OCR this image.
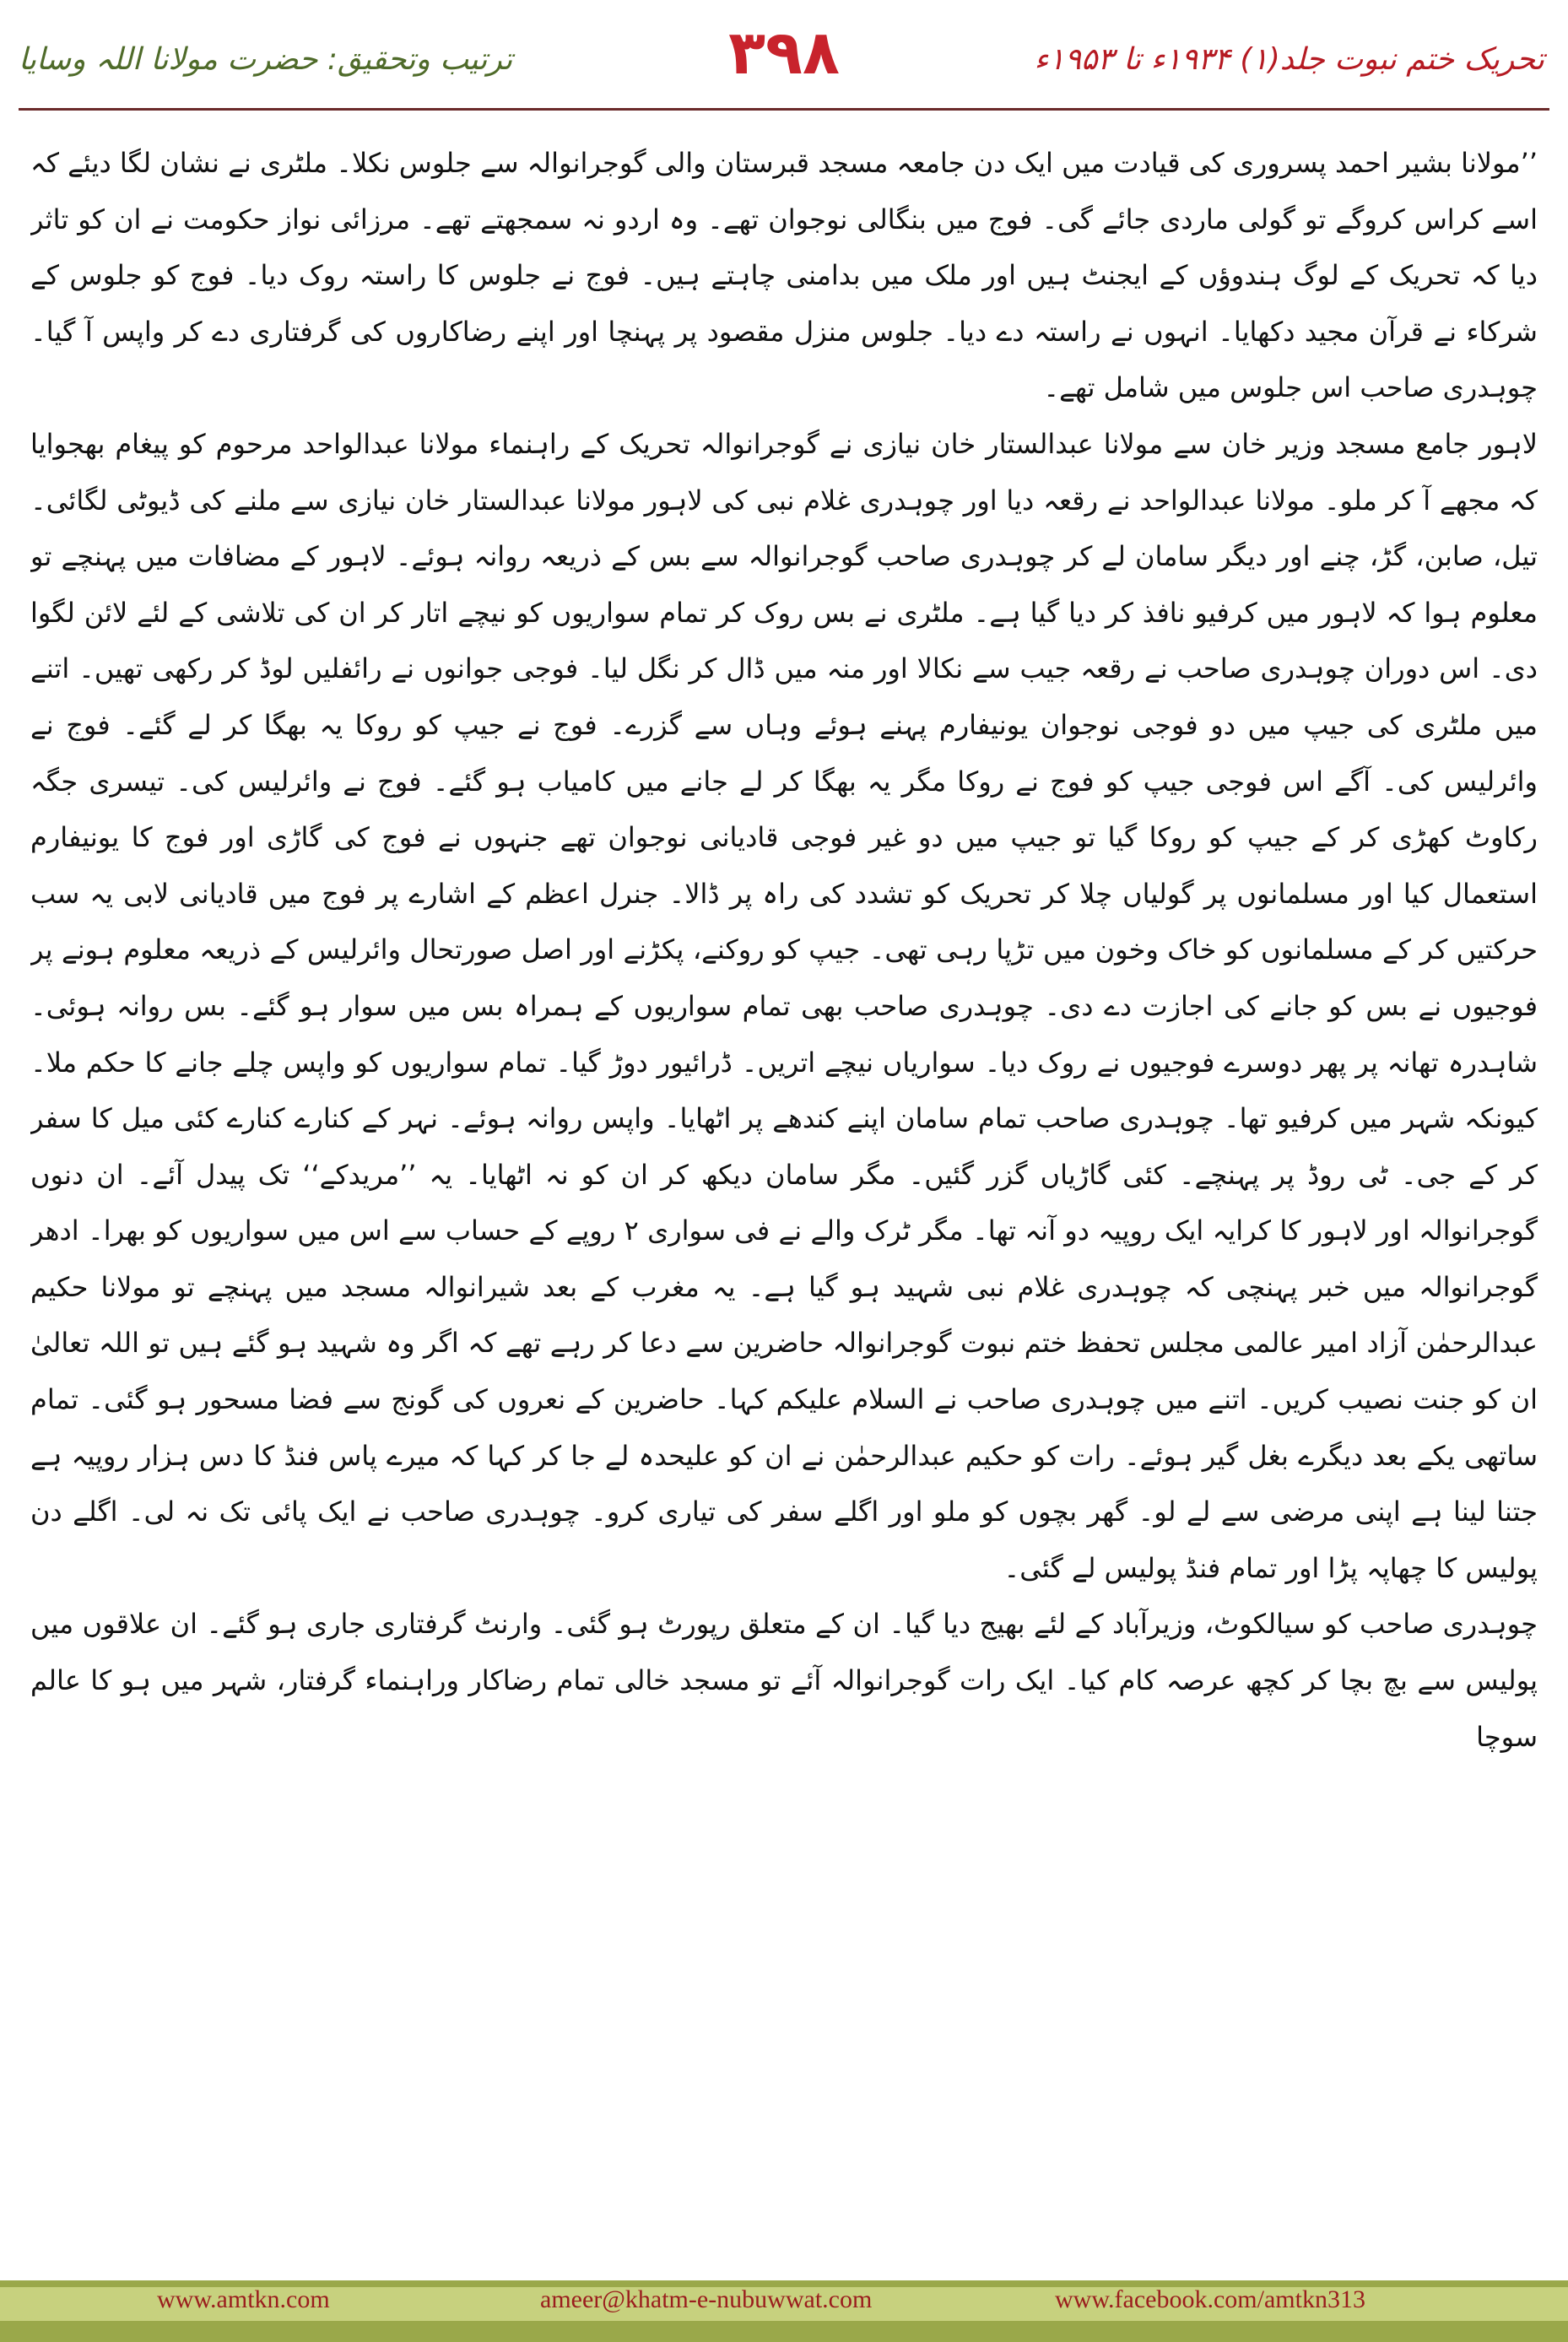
ترتیب وتحقیق: حضرت مولانا اللہ وسایا	۳۹۸	تحریک ختم نبوت جلد(۱) ۱۹۳۴ء تا ۱۹۵۳ء

’’مولانا بشیر احمد پسروری کی قیادت میں ایک دن جامعہ مسجد قبرستان والی گوجرانوالہ سے جلوس نکلا۔ ملٹری نے نشان لگا دیئے کہ اسے کراس کروگے تو گولی ماردی جائے گی۔ فوج میں بنگالی نوجوان تھے۔ وہ اردو نہ سمجھتے تھے۔ مرزائی نواز حکومت نے ان کو تاثر دیا کہ تحریک کے لوگ ہندوؤں کے ایجنٹ ہیں اور ملک میں بدامنی چاہتے ہیں۔ فوج نے جلوس کا راستہ روک دیا۔ فوج کو جلوس کے شرکاء نے قرآن مجید دکھایا۔ انہوں نے راستہ دے دیا۔ جلوس منزل مقصود پر پہنچا اور اپنے رضاکاروں کی گرفتاری دے کر واپس آ گیا۔ چوہدری صاحب اس جلوس میں شامل تھے۔

لاہور جامع مسجد وزیر خان سے مولانا عبدالستار خان نیازی نے گوجرانوالہ تحریک کے راہنماء مولانا عبدالواحد مرحوم کو پیغام بھجوایا کہ مجھے آ کر ملو۔ مولانا عبدالواحد نے رقعہ دیا اور چوہدری غلام نبی کی لاہور مولانا عبدالستار خان نیازی سے ملنے کی ڈیوٹی لگائی۔ تیل، صابن، گڑ، چنے اور دیگر سامان لے کر چوہدری صاحب گوجرانوالہ سے بس کے ذریعہ روانہ ہوئے۔ لاہور کے مضافات میں پہنچے تو معلوم ہوا کہ لاہور میں کرفیو نافذ کر دیا گیا ہے۔ ملٹری نے بس روک کر تمام سواریوں کو نیچے اتار کر ان کی تلاشی کے لئے لائن لگوا دی۔ اس دوران چوہدری صاحب نے رقعہ جیب سے نکالا اور منہ میں ڈال کر نگل لیا۔ فوجی جوانوں نے رائفلیں لوڈ کر رکھی تھیں۔ اتنے میں ملٹری کی جیپ میں دو فوجی نوجوان یونیفارم پہنے ہوئے وہاں سے گزرے۔ فوج نے جیپ کو روکا یہ بھگا کر لے گئے۔ فوج نے وائرلیس کی۔ آگے اس فوجی جیپ کو فوج نے روکا مگر یہ بھگا کر لے جانے میں کامیاب ہو گئے۔ فوج نے وائرلیس کی۔ تیسری جگہ رکاوٹ کھڑی کر کے جیپ کو روکا گیا تو جیپ میں دو غیر فوجی قادیانی نوجوان تھے جنہوں نے فوج کی گاڑی اور فوج کا یونیفارم استعمال کیا اور مسلمانوں پر گولیاں چلا کر تحریک کو تشدد کی راہ پر ڈالا۔ جنرل اعظم کے اشارے پر فوج میں قادیانی لابی یہ سب حرکتیں کر کے مسلمانوں کو خاک وخون میں تڑپا رہی تھی۔ جیپ کو روکنے، پکڑنے اور اصل صورتحال وائرلیس کے ذریعہ معلوم ہونے پر فوجیوں نے بس کو جانے کی اجازت دے دی۔ چوہدری صاحب بھی تمام سواریوں کے ہمراہ بس میں سوار ہو گئے۔ بس روانہ ہوئی۔ شاہدرہ تھانہ پر پھر دوسرے فوجیوں نے روک دیا۔ سواریاں نیچے اتریں۔ ڈرائیور دوڑ گیا۔ تمام سواریوں کو واپس چلے جانے کا حکم ملا۔ کیونکہ شہر میں کرفیو تھا۔ چوہدری صاحب تمام سامان اپنے کندھے پر اٹھایا۔ واپس روانہ ہوئے۔ نہر کے کنارے کنارے کئی میل کا سفر کر کے جی۔ ٹی روڈ پر پہنچے۔ کئی گاڑیاں گزر گئیں۔ مگر سامان دیکھ کر ان کو نہ اٹھایا۔ یہ ’’مریدکے‘‘ تک پیدل آئے۔ ان دنوں گوجرانوالہ اور لاہور کا کرایہ ایک روپیہ دو آنہ تھا۔ مگر ٹرک والے نے فی سواری ۲ روپے کے حساب سے اس میں سواریوں کو بھرا۔ ادھر گوجرانوالہ میں خبر پہنچی کہ چوہدری غلام نبی شہید ہو گیا ہے۔ یہ مغرب کے بعد شیرانوالہ مسجد میں پہنچے تو مولانا حکیم عبدالرحمٰن آزاد امیر عالمی مجلس تحفظ ختم نبوت گوجرانوالہ حاضرین سے دعا کر رہے تھے کہ اگر وہ شہید ہو گئے ہیں تو اللہ تعالیٰ ان کو جنت نصیب کریں۔ اتنے میں چوہدری صاحب نے السلام علیکم کہا۔ حاضرین کے نعروں کی گونج سے فضا مسحور ہو گئی۔ تمام ساتھی یکے بعد دیگرے بغل گیر ہوئے۔ رات کو حکیم عبدالرحمٰن نے ان کو علیحدہ لے جا کر کہا کہ میرے پاس فنڈ کا دس ہزار روپیہ ہے جتنا لینا ہے اپنی مرضی سے لے لو۔ گھر بچوں کو ملو اور اگلے سفر کی تیاری کرو۔ چوہدری صاحب نے ایک پائی تک نہ لی۔ اگلے دن پولیس کا چھاپہ پڑا اور تمام فنڈ پولیس لے گئی۔

چوہدری صاحب کو سیالکوٹ، وزیرآباد کے لئے بھیج دیا گیا۔ ان کے متعلق رپورٹ ہو گئی۔ وارنٹ گرفتاری جاری ہو گئے۔ ان علاقوں میں پولیس سے بچ بچا کر کچھ عرصہ کام کیا۔ ایک رات گوجرانوالہ آئے تو مسجد خالی تمام رضاکار وراہنماء گرفتار، شہر میں ہو کا عالم سوچا

www.amtkn.com	ameer@khatm-e-nubuwwat.com	www.facebook.com/amtkn313
